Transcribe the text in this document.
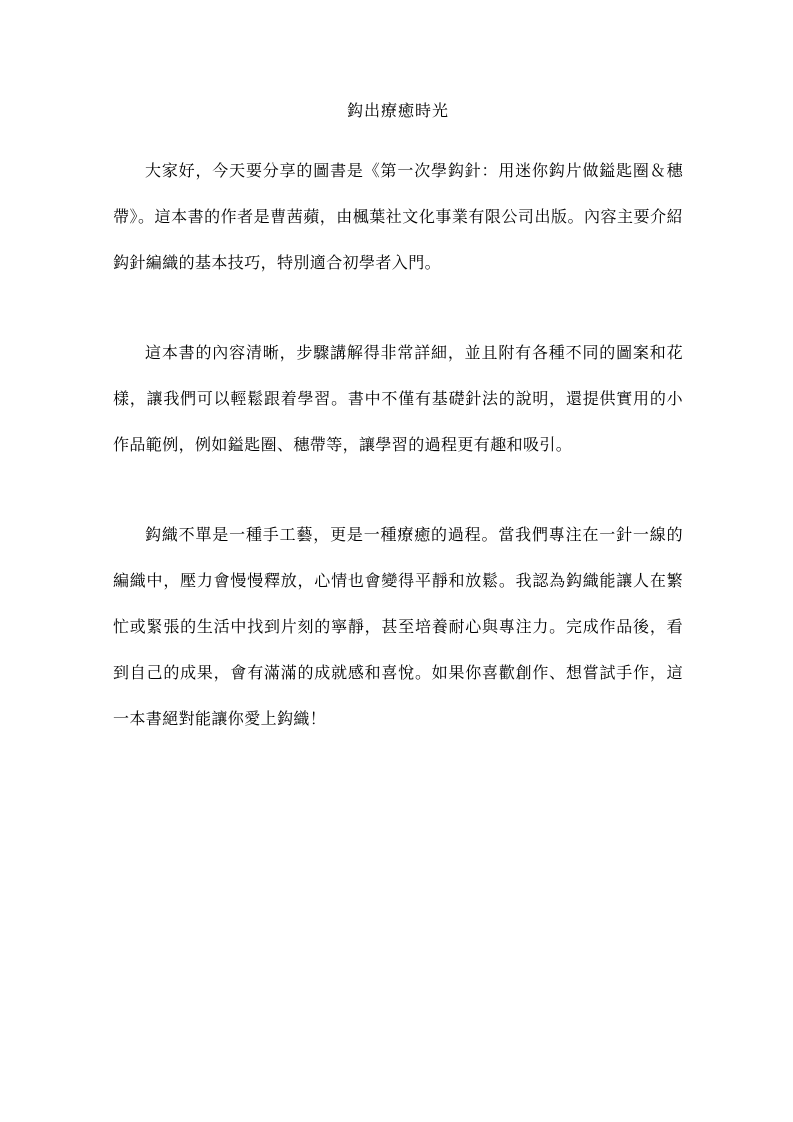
鈎出療癒時光

大家好，今天要分享的圖書是《第一次學鈎針：用迷你鈎片做鎰匙圈＆穗帶》。這本書的作者是曹茜蘋，由楓葉社文化事業有限公司出版。內容主要介紹鈎針編織的基本技巧，特別適合初學者入門。

這本書的內容清晰，步驟講解得非常詳細，並且附有各種不同的圖案和花樣，讓我們可以輕鬆跟着學習。書中不僅有基礎針法的說明，還提供實用的小作品範例，例如鎰匙圈、穗帶等，讓學習的過程更有趣和吸引。

鈎織不單是一種手工藝，更是一種療癒的過程。當我們專注在一針一線的編織中，壓力會慢慢釋放，心情也會變得平靜和放鬆。我認為鈎織能讓人在繁忙或緊張的生活中找到片刻的寧靜，甚至培養耐心與專注力。完成作品後，看到自己的成果，會有滿滿的成就感和喜悅。如果你喜歡創作、想嘗試手作，這一本書絕對能讓你愛上鈎織！
